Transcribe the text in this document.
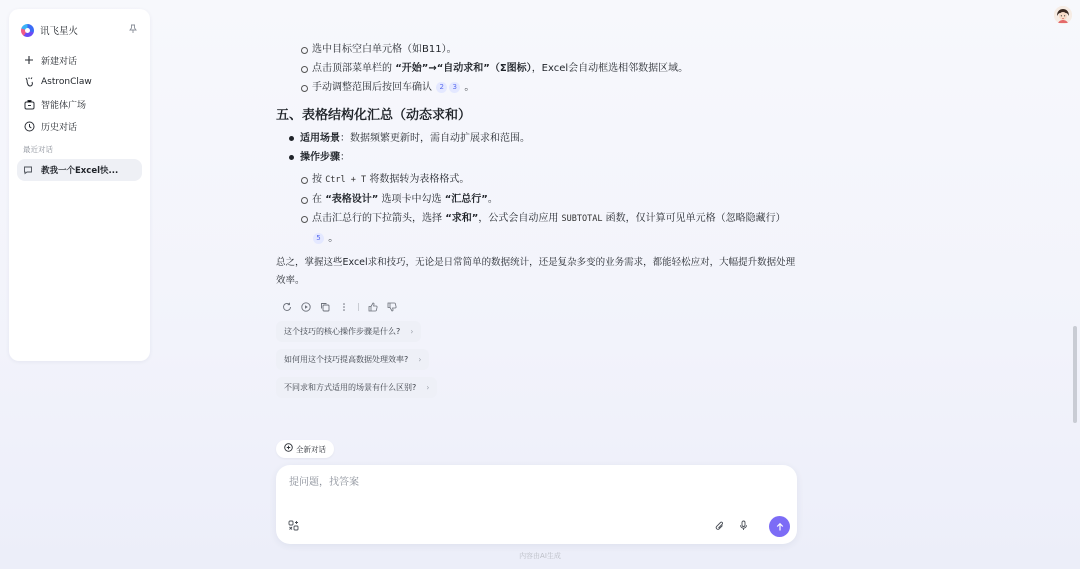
讯飞星火
新建对话
AstronClaw
智能体广场
历史对话
最近对话
教我一个Excel快...
选中目标空白单元格（如B11）。
点击顶部菜单栏的 “开始”→“自动求和”（Σ图标），Excel会自动框选相邻数据区域。
手动调整范围后按回车确认 2 3 。
五、表格结构化汇总（动态求和）
适用场景：数据频繁更新时，需自动扩展求和范围。
操作步骤：
按 Ctrl + T 将数据转为表格格式。
在 “表格设计” 选项卡中勾选 “汇总行”。
点击汇总行的下拉箭头，选择 “求和”，公式会自动应用 SUBTOTAL 函数，仅计算可见单元格（忽略隐藏行） 5 。

总之，掌握这些Excel求和技巧，无论是日常简单的数据统计，还是复杂多变的业务需求，都能轻松应对，大幅提升数据处理效率。

这个技巧的核心操作步骤是什么? ›
如何用这个技巧提高数据处理效率? ›
不同求和方式适用的场景有什么区别? ›
全新对话
提问题，找答案
内容由AI生成
